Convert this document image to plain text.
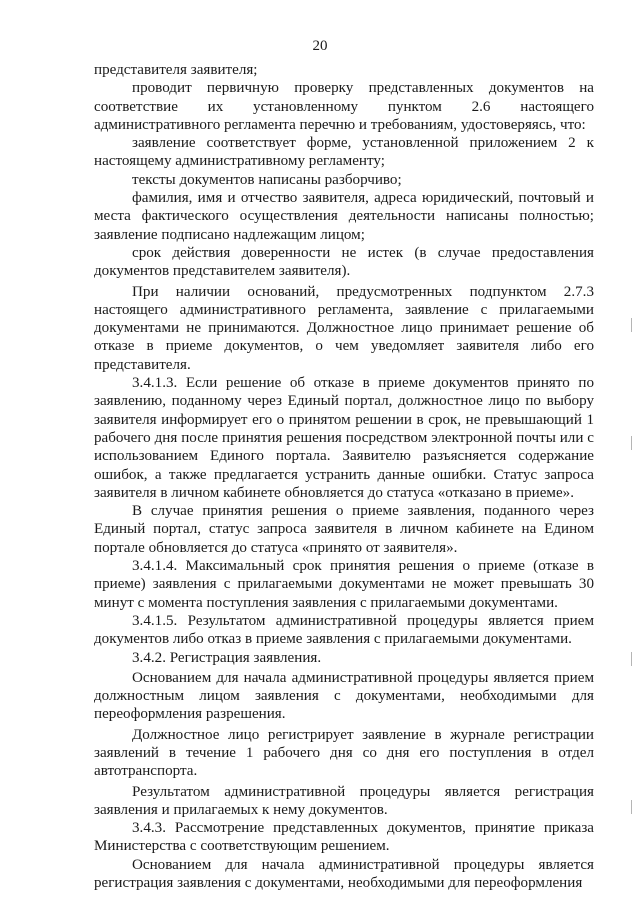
20

представителя заявителя;

проводит первичную проверку представленных документов на соответствие их установленному пунктом 2.6 настоящего административного регламента перечню и требованиям, удостоверяясь, что:

заявление соответствует форме, установленной приложением 2 к настоящему административному регламенту;

тексты документов написаны разборчиво;

фамилия, имя и отчество заявителя, адреса юридический, почтовый и места фактического осуществления деятельности написаны полностью; заявление подписано надлежащим лицом;

срок действия доверенности не истек (в случае предоставления документов представителем заявителя).

При наличии оснований, предусмотренных подпунктом 2.7.3 настоящего административного регламента, заявление с прилагаемыми документами не принимаются. Должностное лицо принимает решение об отказе в приеме документов, о чем уведомляет заявителя либо его представителя.

3.4.1.3. Если решение об отказе в приеме документов принято по заявлению, поданному через Единый портал, должностное лицо по выбору заявителя информирует его о принятом решении в срок, не превышающий 1 рабочего дня после принятия решения посредством электронной почты или с использованием Единого портала. Заявителю разъясняется содержание ошибок, а также предлагается устранить данные ошибки. Статус запроса заявителя в личном кабинете обновляется до статуса «отказано в приеме».

В случае принятия решения о приеме заявления, поданного через Единый портал, статус запроса заявителя в личном кабинете на Едином портале обновляется до статуса «принято от заявителя».

3.4.1.4. Максимальный срок принятия решения о приеме (отказе в приеме) заявления с прилагаемыми документами не может превышать 30 минут с момента поступления заявления с прилагаемыми документами.

3.4.1.5. Результатом административной процедуры является прием документов либо отказ в приеме заявления с прилагаемыми документами.

3.4.2. Регистрация заявления.

Основанием для начала административной процедуры является прием должностным лицом заявления с документами, необходимыми для переоформления разрешения.

Должностное лицо регистрирует заявление в журнале регистрации заявлений в течение 1 рабочего дня со дня его поступления в отдел автотранспорта.

Результатом административной процедуры является регистрация заявления и прилагаемых к нему документов.

3.4.3. Рассмотрение представленных документов, принятие приказа Министерства с соответствующим решением.

Основанием для начала административной процедуры является регистрация заявления с документами, необходимыми для переоформления
